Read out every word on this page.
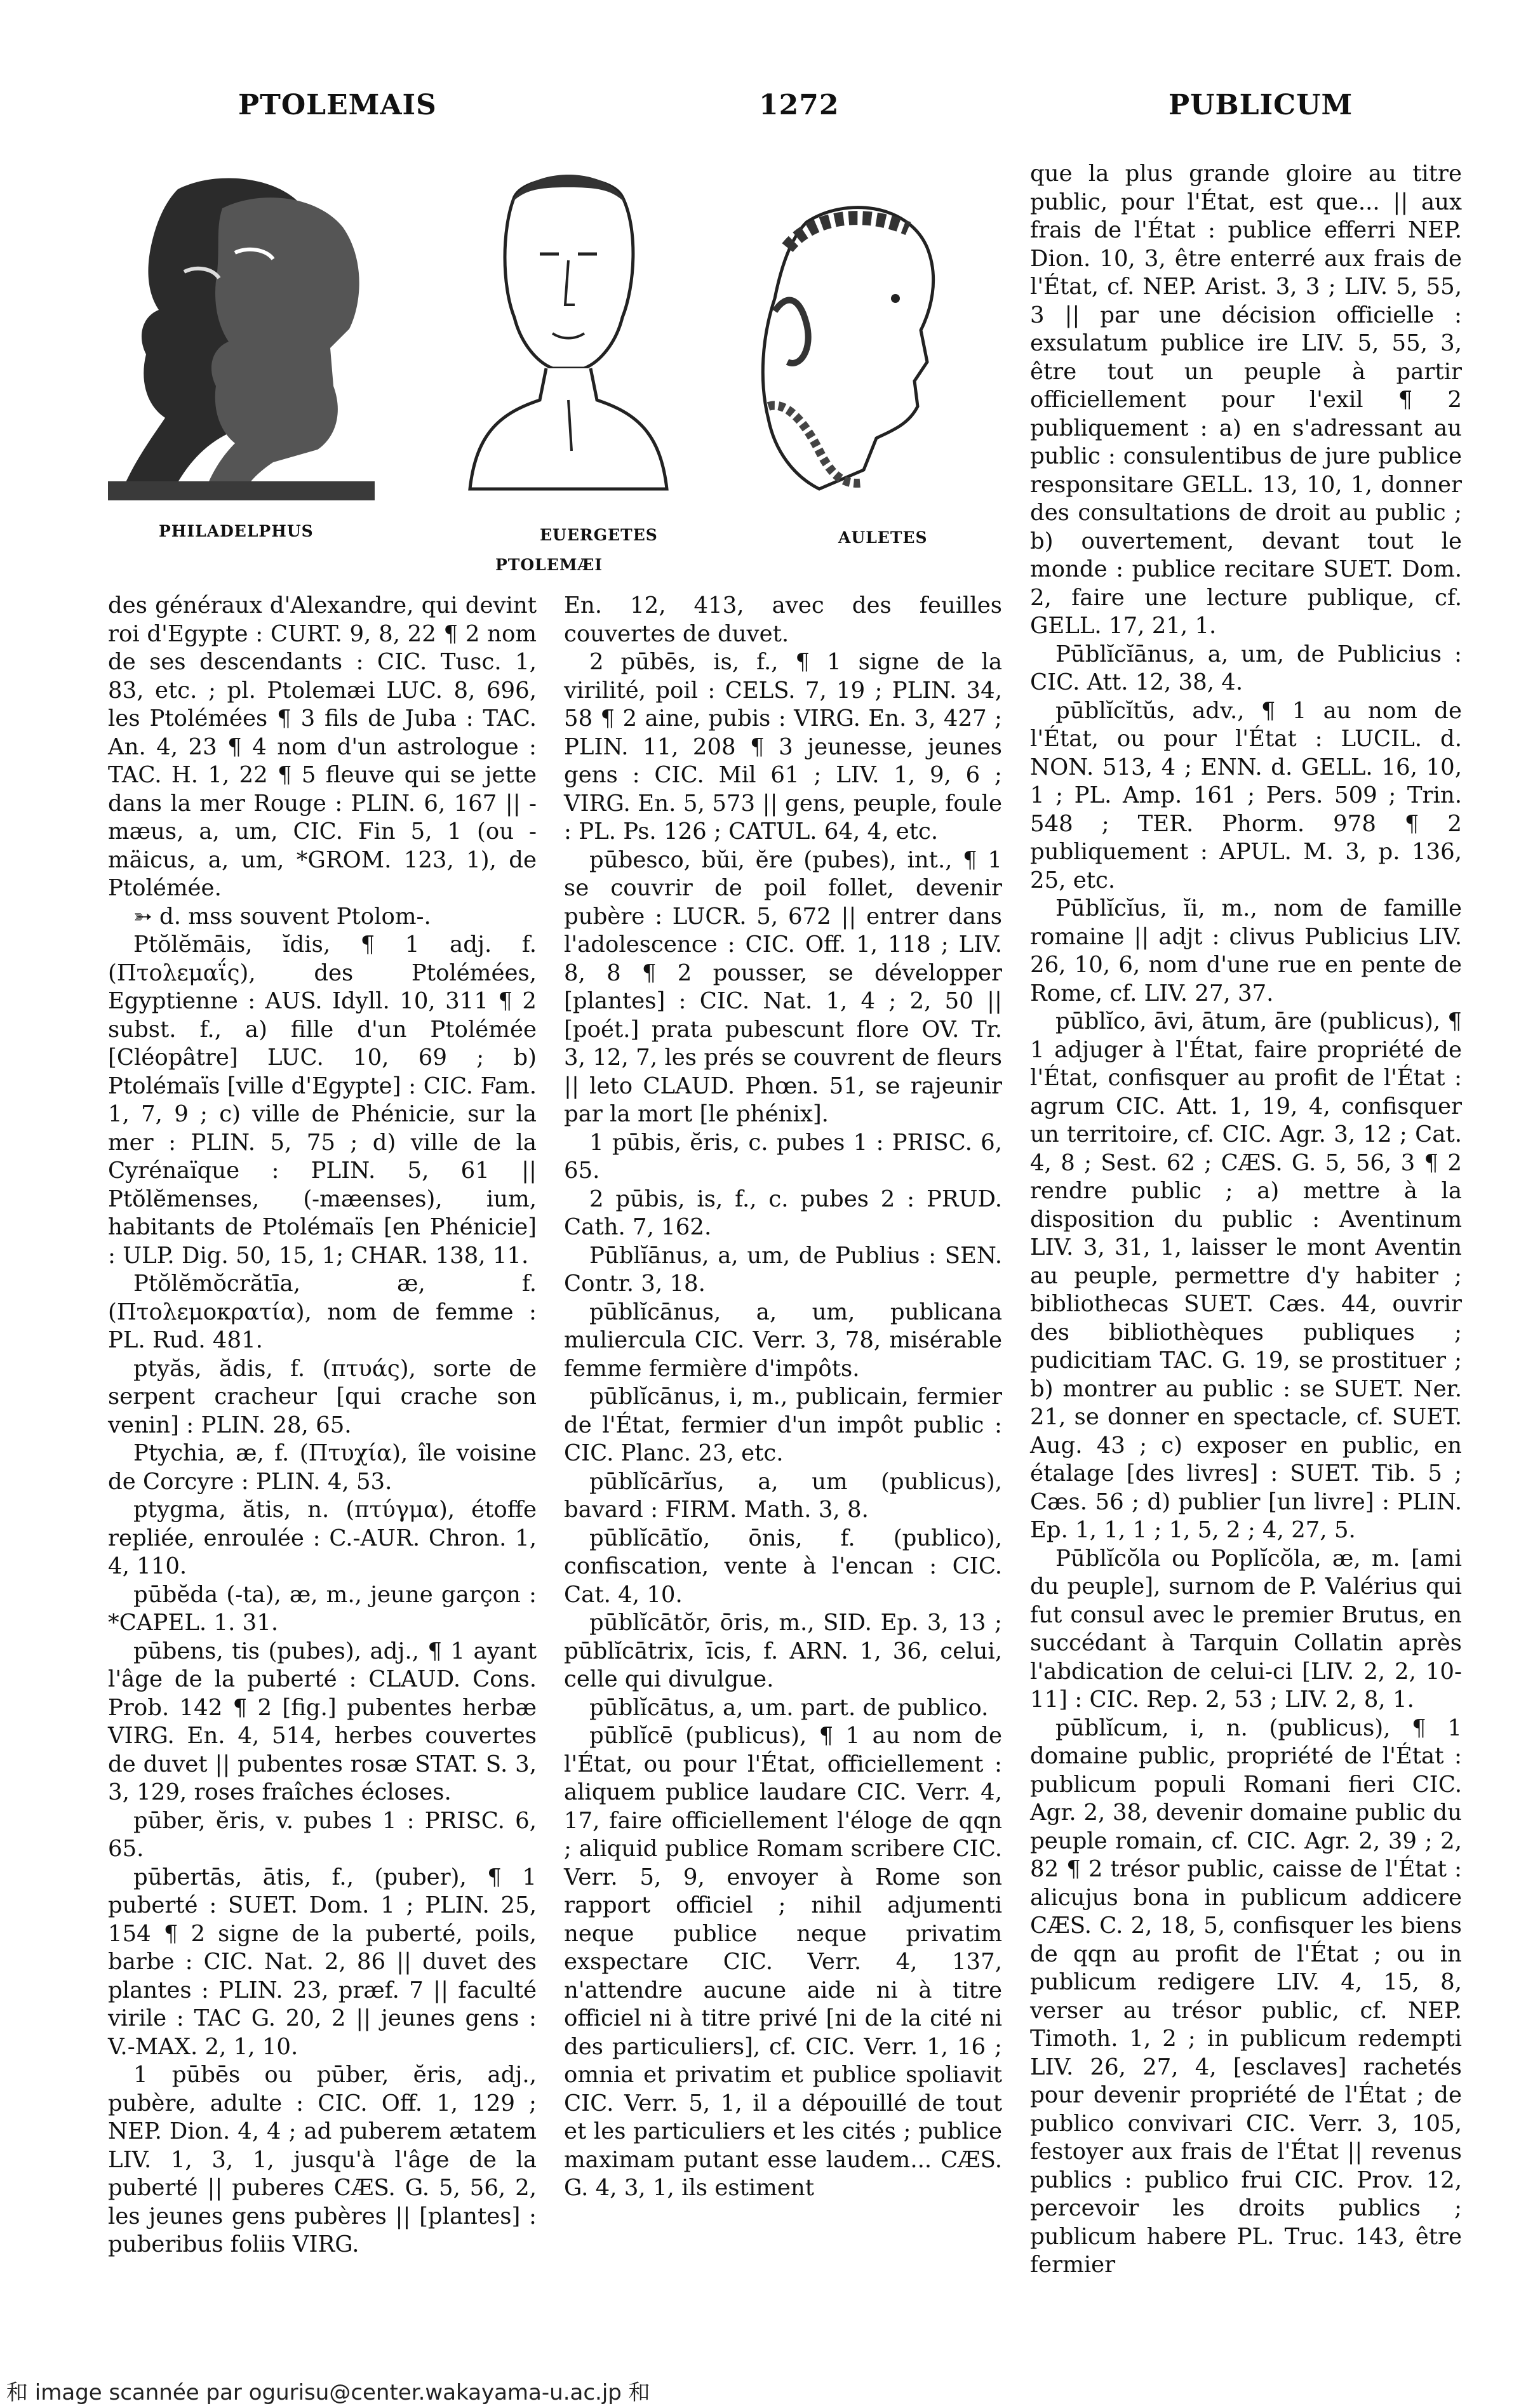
PTOLEMAIS	1272	PUBLICUM
PHILADELPHUS	EUERGETES	AULETES
PTOLEMÆI

des généraux d'Alexandre, qui devint roi d'Egypte : CURT. 9, 8, 22 ¶ 2 nom de ses descendants : CIC. Tusc. 1, 83, etc. ; pl. Ptolemæi LUC. 8, 696, les Ptolémées ¶ 3 fils de Juba : TAC. An. 4, 23 ¶ 4 nom d'un astrologue : TAC. H. 1, 22 ¶ 5 fleuve qui se jette dans la mer Rouge : PLIN. 6, 167 || -mæus, a, um, CIC. Fin 5, 1 (ou -mäicus, a, um, *GROM. 123, 1), de Ptolémée.

➳ d. mss souvent Ptolom-.

Ptŏlĕmāis, ĭdis, ¶ 1 adj. f. (Πτολεμαΐς), des Ptolémées, Egyptienne : AUS. Idyll. 10, 311 ¶ 2 subst. f., a) fille d'un Ptolémée [Cléopâtre] LUC. 10, 69 ; b) Ptolémaïs [ville d'Egypte] : CIC. Fam. 1, 7, 9 ; c) ville de Phénicie, sur la mer : PLIN. 5, 75 ; d) ville de la Cyrénaïque : PLIN. 5, 61 || Ptŏlĕmenses, (-mæenses), ium, habitants de Ptolémaïs [en Phénicie] : ULP. Dig. 50, 15, 1; CHAR. 138, 11.

Ptŏlĕmŏcrătīa, æ, f. (Πτολεμοκρατία), nom de femme : PL. Rud. 481.

ptyăs, ădis, f. (πτυάς), sorte de serpent cracheur [qui crache son venin] : PLIN. 28, 65.

Ptychia, æ, f. (Πτυχία), île voisine de Corcyre : PLIN. 4, 53.

ptygma, ătis, n. (πτύγμα), étoffe repliée, enroulée : C.-AUR. Chron. 1, 4, 110.

pūbĕda (-ta), æ, m., jeune garçon : *CAPEL. 1. 31.

pūbens, tis (pubes), adj., ¶ 1 ayant l'âge de la puberté : CLAUD. Cons. Prob. 142 ¶ 2 [fig.] pubentes herbæ VIRG. En. 4, 514, herbes couvertes de duvet || pubentes rosæ STAT. S. 3, 3, 129, roses fraîches écloses.

pūber, ĕris, v. pubes 1 : PRISC. 6, 65.

pūbertās, ātis, f., (puber), ¶ 1 puberté : SUET. Dom. 1 ; PLIN. 25, 154 ¶ 2 signe de la puberté, poils, barbe : CIC. Nat. 2, 86 || duvet des plantes : PLIN. 23, præf. 7 || faculté virile : TAC G. 20, 2 || jeunes gens : V.-MAX. 2, 1, 10.

1 pūbēs ou pūber, ĕris, adj., pubère, adulte : CIC. Off. 1, 129 ; NEP. Dion. 4, 4 ; ad puberem ætatem LIV. 1, 3, 1, jusqu'à l'âge de la puberté || puberes CÆS. G. 5, 56, 2, les jeunes gens pubères || [plantes] : puberibus foliis VIRG.

En. 12, 413, avec des feuilles couvertes de duvet.

2 pūbēs, is, f., ¶ 1 signe de la virilité, poil : CELS. 7, 19 ; PLIN. 34, 58 ¶ 2 aine, pubis : VIRG. En. 3, 427 ; PLIN. 11, 208 ¶ 3 jeunesse, jeunes gens : CIC. Mil 61 ; LIV. 1, 9, 6 ; VIRG. En. 5, 573 || gens, peuple, foule : PL. Ps. 126 ; CATUL. 64, 4, etc.

pūbesco, bŭi, ĕre (pubes), int., ¶ 1 se couvrir de poil follet, devenir pubère : LUCR. 5, 672 || entrer dans l'adolescence : CIC. Off. 1, 118 ; LIV. 8, 8 ¶ 2 pousser, se développer [plantes] : CIC. Nat. 1, 4 ; 2, 50 || [poét.] prata pubescunt flore OV. Tr. 3, 12, 7, les prés se couvrent de fleurs || leto CLAUD. Phœn. 51, se rajeunir par la mort [le phénix].

1 pūbis, ĕris, c. pubes 1 : PRISC. 6, 65.

2 pūbis, is, f., c. pubes 2 : PRUD. Cath. 7, 162.

Pūblĭānus, a, um, de Publius : SEN. Contr. 3, 18.

pūblĭcānus, a, um, publicana muliercula CIC. Verr. 3, 78, misérable femme fermière d'impôts.

pūblĭcānus, i, m., publicain, fermier de l'État, fermier d'un impôt public : CIC. Planc. 23, etc.

pūblĭcārĭus, a, um (publicus), bavard : FIRM. Math. 3, 8.

pūblĭcātĭo, ōnis, f. (publico), confiscation, vente à l'encan : CIC. Cat. 4, 10.

pūblĭcātŏr, ōris, m., SID. Ep. 3, 13 ; pūblĭcātrix, īcis, f. ARN. 1, 36, celui, celle qui divulgue.

pūblĭcātus, a, um. part. de publico.

pūblĭcē (publicus), ¶ 1 au nom de l'État, ou pour l'État, officiellement : aliquem publice laudare CIC. Verr. 4, 17, faire officiellement l'éloge de qqn ; aliquid publice Romam scribere CIC. Verr. 5, 9, envoyer à Rome son rapport officiel ; nihil adjumenti neque publice neque privatim exspectare CIC. Verr. 4, 137, n'attendre aucune aide ni à titre officiel ni à titre privé [ni de la cité ni des particuliers], cf. CIC. Verr. 1, 16 ; omnia et privatim et publice spoliavit CIC. Verr. 5, 1, il a dépouillé de tout et les particuliers et les cités ; publice maximam putant esse laudem... CÆS. G. 4, 3, 1, ils estiment

que la plus grande gloire au titre public, pour l'État, est que... || aux frais de l'État : publice efferri NEP. Dion. 10, 3, être enterré aux frais de l'État, cf. NEP. Arist. 3, 3 ; LIV. 5, 55, 3 || par une décision officielle : exsulatum publice ire LIV. 5, 55, 3, être tout un peuple à partir officiellement pour l'exil ¶ 2 publiquement : a) en s'adressant au public : consulentibus de jure publice responsitare GELL. 13, 10, 1, donner des consultations de droit au public ; b) ouvertement, devant tout le monde : publice recitare SUET. Dom. 2, faire une lecture publique, cf. GELL. 17, 21, 1.

Pūblĭcĭānus, a, um, de Publicius : CIC. Att. 12, 38, 4.

pūblĭcĭtŭs, adv., ¶ 1 au nom de l'État, ou pour l'État : LUCIL. d. NON. 513, 4 ; ENN. d. GELL. 16, 10, 1 ; PL. Amp. 161 ; Pers. 509 ; Trin. 548 ; TER. Phorm. 978 ¶ 2 publiquement : APUL. M. 3, p. 136, 25, etc.

Pūblĭcĭus, ĭi, m., nom de famille romaine || adjt : clivus Publicius LIV. 26, 10, 6, nom d'une rue en pente de Rome, cf. LIV. 27, 37.

pūblĭco, āvi, ātum, āre (publicus), ¶ 1 adjuger à l'État, faire propriété de l'État, confisquer au profit de l'État : agrum CIC. Att. 1, 19, 4, confisquer un territoire, cf. CIC. Agr. 3, 12 ; Cat. 4, 8 ; Sest. 62 ; CÆS. G. 5, 56, 3 ¶ 2 rendre public ; a) mettre à la disposition du public : Aventinum LIV. 3, 31, 1, laisser le mont Aventin au peuple, permettre d'y habiter ; bibliothecas SUET. Cæs. 44, ouvrir des bibliothèques publiques ; pudicitiam TAC. G. 19, se prostituer ; b) montrer au public : se SUET. Ner. 21, se donner en spectacle, cf. SUET. Aug. 43 ; c) exposer en public, en étalage [des livres] : SUET. Tib. 5 ; Cæs. 56 ; d) publier [un livre] : PLIN. Ep. 1, 1, 1 ; 1, 5, 2 ; 4, 27, 5.

Pūblĭcŏla ou Poplĭcŏla, æ, m. [ami du peuple], surnom de P. Valérius qui fut consul avec le premier Brutus, en succédant à Tarquin Collatin après l'abdication de celui-ci [LIV. 2, 2, 10-11] : CIC. Rep. 2, 53 ; LIV. 2, 8, 1.

pūblĭcum, i, n. (publicus), ¶ 1 domaine public, propriété de l'État : publicum populi Romani fieri CIC. Agr. 2, 38, devenir domaine public du peuple romain, cf. CIC. Agr. 2, 39 ; 2, 82 ¶ 2 trésor public, caisse de l'État : alicujus bona in publicum addicere CÆS. C. 2, 18, 5, confisquer les biens de qqn au profit de l'État ; ou in publicum redigere LIV. 4, 15, 8, verser au trésor public, cf. NEP. Timoth. 1, 2 ; in publicum redempti LIV. 26, 27, 4, [esclaves] rachetés pour devenir propriété de l'État ; de publico convivari CIC. Verr. 3, 105, festoyer aux frais de l'État || revenus publics : publico frui CIC. Prov. 12, percevoir les droits publics ; publicum habere PL. Truc. 143, être fermier

和 image scannée par ogurisu@center.wakayama-u.ac.jp 和
